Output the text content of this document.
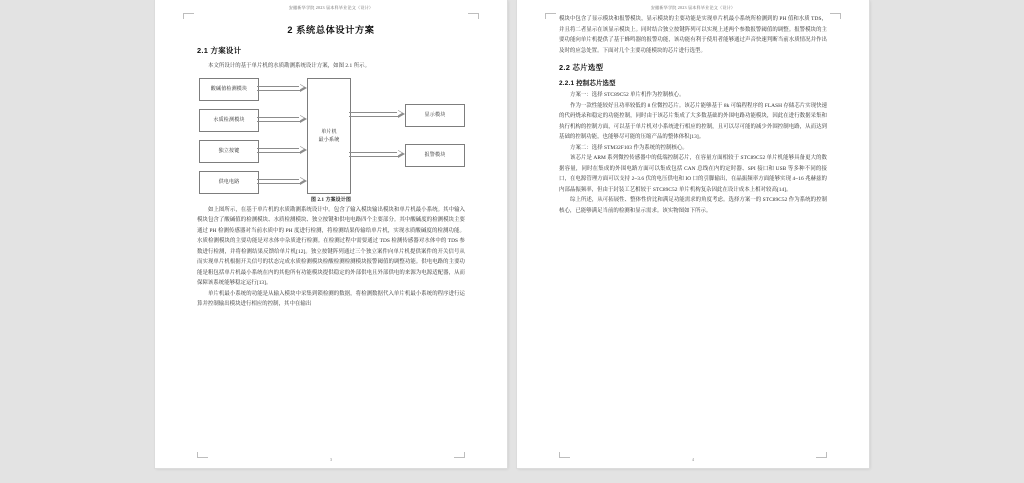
安徽新华学院 2023 届本科毕业论文（设计）
2 系统总体设计方案
2.1 方案设计

本文所设计的基于单片机的水质勘测系统设计方案，如图 2.1 所示。

酸碱值检测模块
水质检测模块
独立按键
供电电路
单片机
最小系统
显示模块
报警模块
图 2.1 方案设计图

如上图所示，在基于单片机的水质勘测系统设计中。包含了输入模块输出模块和单片机最小系统。其中输入模块包含了酸碱值的检测模块、水质检测模块、独立按键和供电电路四个主要部分。其中酸碱度的检测模块主要通过 PH 检测传感器对当前水质中的 PH 度进行检测，将检测结果传输给单片机，实现水质酸碱度的检测功能。水质检测模块的主要功能是对水体中杂质进行检测。在检测过程中需要通过 TDS 检测传感器对水体中的 TDS 参数进行检测，并将检测结果反馈给单片机[12]。独立按键阵列通过三个独立案件向单片机提供案件的开关信号从而实现单片机根据开关信号的状态完成水质检测模块检酸检测检测模块报警阈值的调整功能。供电电路的主要功能是粗包括单片机最小系统在内的其他所有功能模块提供稳定的外部供电且外部供电的来源为电源适配器，从而保障该系统能够稳定运行[13]。

单片机最小系统的功能是从输入模块中采集到锁检测的数据，将检测数据代入单片机最小系统的程序进行运算并控制输出模块进行相应的控制，其中在输出

3
安徽新华学院 2023 届本科毕业论文（设计）

模块中包含了显示模块和报警模块，显示模块的主要功能是实现单片机最小系统所检测到的 PH 值和水质 TDS，并且将二者显示在该显示模块上。同时结合独立按键阵列可以实现上述两个参数报警阈值的调整。报警模块的主要功能向单片机提供了基于蜂鸣器的报警功能，该功能有利于使用者能够通过声音快速判断当前水质情况并作出及时的应急处置。下面对几个主要功能模块的芯片进行选型。

2.2 芯片选型
2.2.1 控制芯片选型

方案一：选择 STC89C52 单片机作为控制核心。

作为一款性能较好且功率较低的 8 位微控芯片。该芯片能够基于 8k 可编程程序的 FLASH 存储芯片实现快速的代码烧录和稳定的功能控制，同时由于该芯片集成了大多数基础的外围电路功能模块，因此在进行数据采集和执行机构的控制方面，可以基于单片机对小系统进行相应的控制，且可以尽可能的减少外围控制电路，从而达到基础的控制功能，也能够尽可能的压缩产品的整体体积[13]。

方案二：选择 STM32F103 作为系统的控制核心。

该芯片是 ARM 系列微控传感器中的低端控制芯片，在容量方面相较于 STC89C52 单片机能够具备更大的数据容量，同时在集成的外围电路方面可以集成包括 CAN 总线在内的定时器、SPI 接口和 USB 等多种不同的接口，在电源管理方面可以支持 2~3.6 伏的电压供电和 IO 口的引脚输出，在晶振频率方面能够实现 4~16 兆赫兹的内部晶振频率，但由于封装工艺相较于 STC89C52 单片机构复杂因此在设计成本上相对较高[14]。

综上所述，从可拓展性、整体性价比和满足功能需求的角度考虑。选择方案一的 STC89C52 作为系统的控制核心，已能够满足当前的检测和显示需求。该实物图如下所示。

4
